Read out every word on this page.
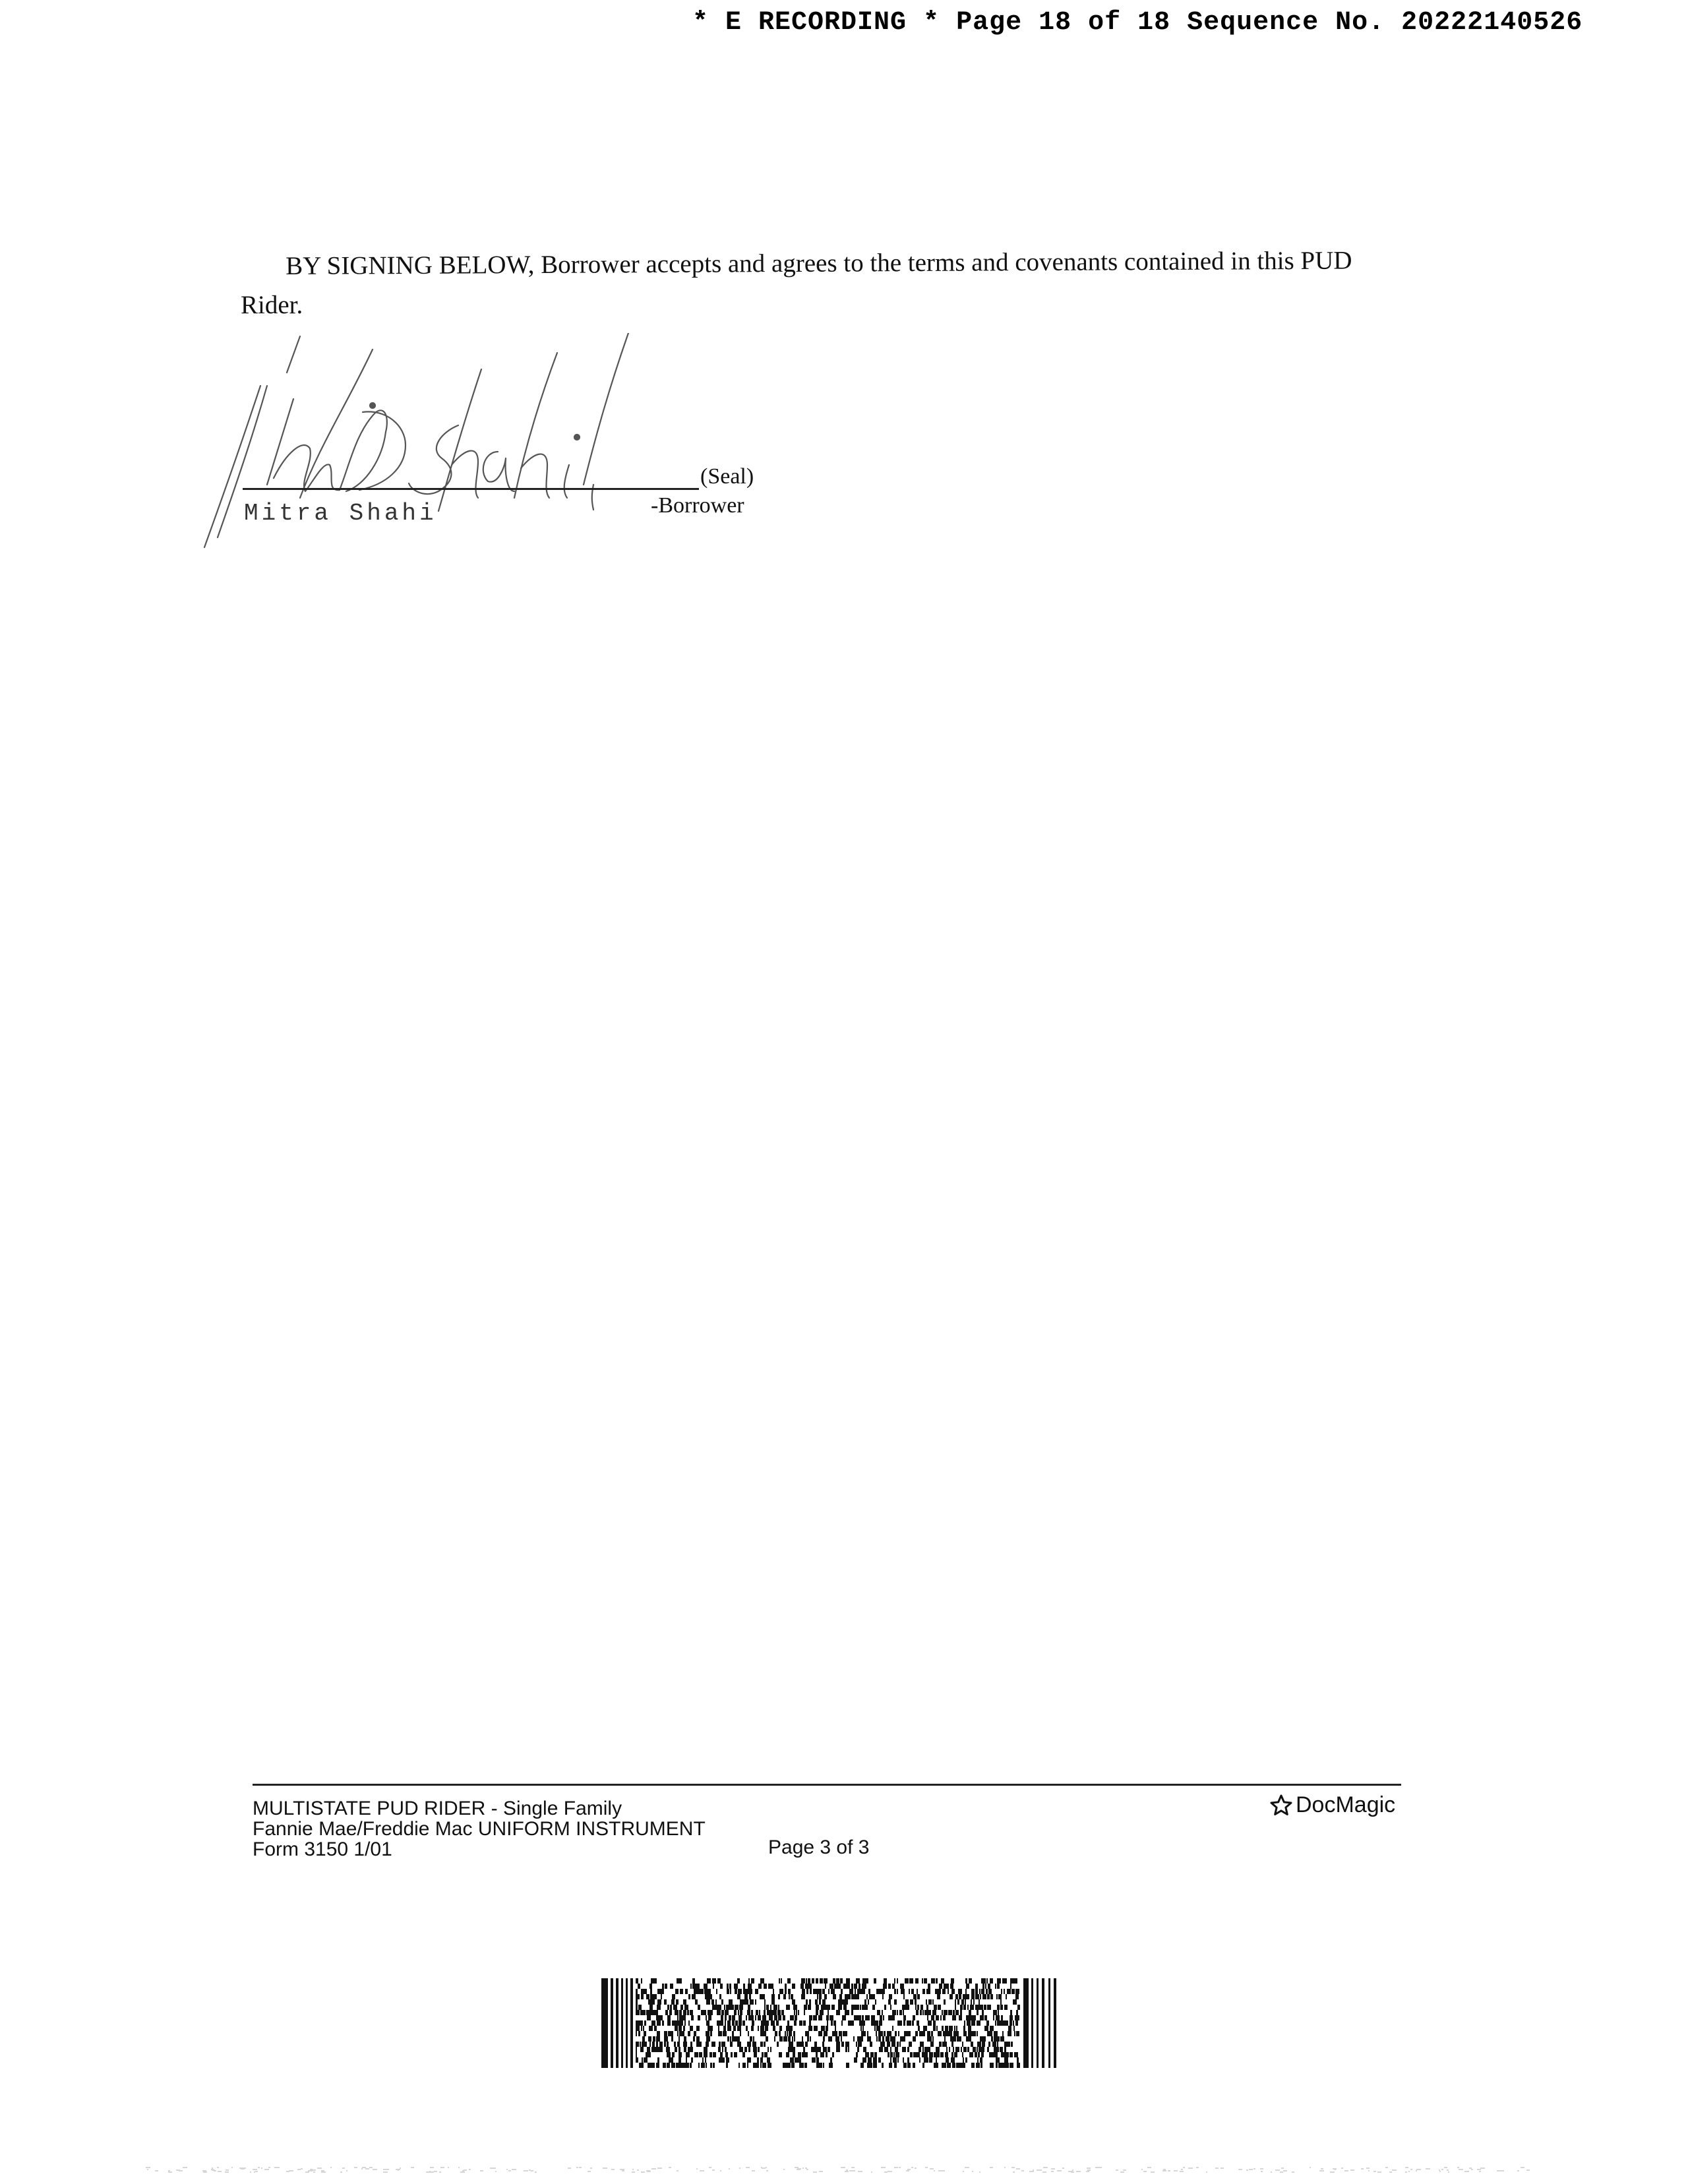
* E RECORDING * Page 18 of 18 Sequence No. 20222140526
BY SIGNING BELOW, Borrower accepts and agrees to the terms and covenants contained in this PUD
Rider.
(Seal)
-Borrower
Mitra Shahi
MULTISTATE PUD RIDER - Single Family
Fannie Mae/Freddie Mac UNIFORM INSTRUMENT
Form 3150 1/01	Page 3 of 3
DocMagic
